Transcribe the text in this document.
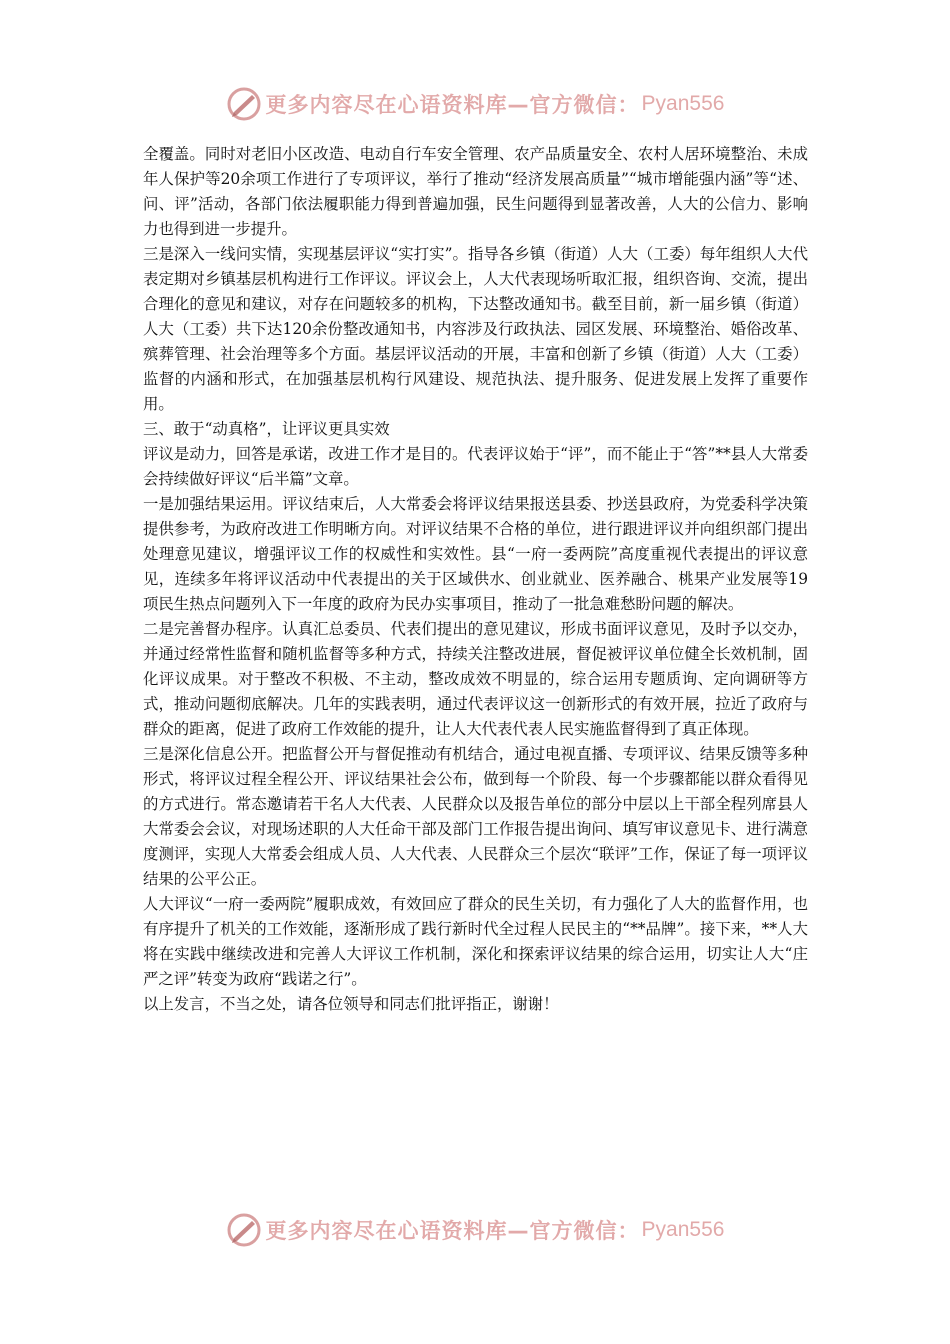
更多内容尽在心语资料库—官方微信： Pyan556

全覆盖。同时对老旧小区改造、电动自行车安全管理、农产品质量安全、农村人居环境整治、未成年人保护等20余项工作进行了专项评议，举行了推动“经济发展高质量”“城市增能强内涵”等“述、问、评”活动，各部门依法履职能力得到普遍加强，民生问题得到显著改善，人大的公信力、影响力也得到进一步提升。

三是深入一线问实情，实现基层评议“实打实”。指导各乡镇（街道）人大（工委）每年组织人大代表定期对乡镇基层机构进行工作评议。评议会上，人大代表现场听取汇报，组织咨询、交流，提出合理化的意见和建议，对存在问题较多的机构，下达整改通知书。截至目前，新一届乡镇（街道）人大（工委）共下达120余份整改通知书，内容涉及行政执法、园区发展、环境整治、婚俗改革、殡葬管理、社会治理等多个方面。基层评议活动的开展，丰富和创新了乡镇（街道）人大（工委）监督的内涵和形式，在加强基层机构行风建设、规范执法、提升服务、促进发展上发挥了重要作用。

三、敢于“动真格”，让评议更具实效

评议是动力，回答是承诺，改进工作才是目的。代表评议始于“评”，而不能止于“答”**县人大常委会持续做好评议“后半篇”文章。

一是加强结果运用。评议结束后，人大常委会将评议结果报送县委、抄送县政府，为党委科学决策提供参考，为政府改进工作明晰方向。对评议结果不合格的单位，进行跟进评议并向组织部门提出处理意见建议，增强评议工作的权威性和实效性。县“一府一委两院”高度重视代表提出的评议意见，连续多年将评议活动中代表提出的关于区域供水、创业就业、医养融合、桃果产业发展等19项民生热点问题列入下一年度的政府为民办实事项目，推动了一批急难愁盼问题的解决。

二是完善督办程序。认真汇总委员、代表们提出的意见建议，形成书面评议意见，及时予以交办，并通过经常性监督和随机监督等多种方式，持续关注整改进展，督促被评议单位健全长效机制，固化评议成果。对于整改不积极、不主动，整改成效不明显的，综合运用专题质询、定向调研等方式，推动问题彻底解决。几年的实践表明，通过代表评议这一创新形式的有效开展，拉近了政府与群众的距离，促进了政府工作效能的提升，让人大代表代表人民实施监督得到了真正体现。

三是深化信息公开。把监督公开与督促推动有机结合，通过电视直播、专项评议、结果反馈等多种形式，将评议过程全程公开、评议结果社会公布，做到每一个阶段、每一个步骤都能以群众看得见的方式进行。常态邀请若干名人大代表、人民群众以及报告单位的部分中层以上干部全程列席县人大常委会会议，对现场述职的人大任命干部及部门工作报告提出询问、填写审议意见卡、进行满意度测评，实现人大常委会组成人员、人大代表、人民群众三个层次“联评”工作，保证了每一项评议结果的公平公正。

人大评议“一府一委两院”履职成效，有效回应了群众的民生关切，有力强化了人大的监督作用，也有序提升了机关的工作效能，逐渐形成了践行新时代全过程人民民主的“**品牌”。接下来，**人大将在实践中继续改进和完善人大评议工作机制，深化和探索评议结果的综合运用，切实让人大“庄严之评”转变为政府“践诺之行”。

以上发言，不当之处，请各位领导和同志们批评指正，谢谢！

更多内容尽在心语资料库—官方微信： Pyan556
